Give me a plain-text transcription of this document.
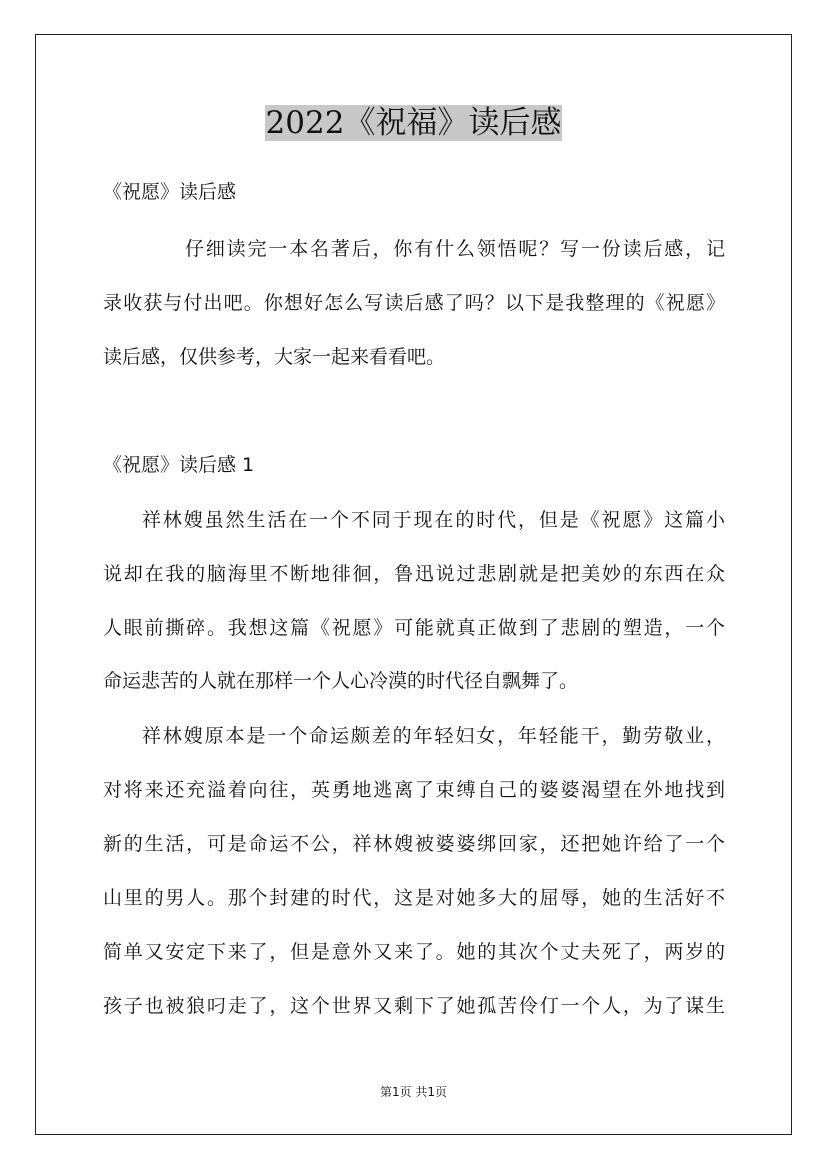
2022《祝福》读后感
《祝愿》读后感
仔细读完一本名著后，你有什么领悟呢？写一份读后感，记
录收获与付出吧。你想好怎么写读后感了吗？以下是我整理的《祝愿》
读后感，仅供参考，大家一起来看看吧。
《祝愿》读后感 1
祥林嫂虽然生活在一个不同于现在的时代，但是《祝愿》这篇小
说却在我的脑海里不断地徘徊，鲁迅说过悲剧就是把美妙的东西在众
人眼前撕碎。我想这篇《祝愿》可能就真正做到了悲剧的塑造，一个
命运悲苦的人就在那样一个人心冷漠的时代径自飘舞了。
祥林嫂原本是一个命运颇差的年轻妇女，年轻能干，勤劳敬业，
对将来还充溢着向往，英勇地逃离了束缚自己的婆婆渴望在外地找到
新的生活，可是命运不公，祥林嫂被婆婆绑回家，还把她许给了一个
山里的男人。那个封建的时代，这是对她多大的屈辱，她的生活好不
简单又安定下来了，但是意外又来了。她的其次个丈夫死了，两岁的
孩子也被狼叼走了，这个世界又剩下了她孤苦伶仃一个人，为了谋生
第1页 共1页
